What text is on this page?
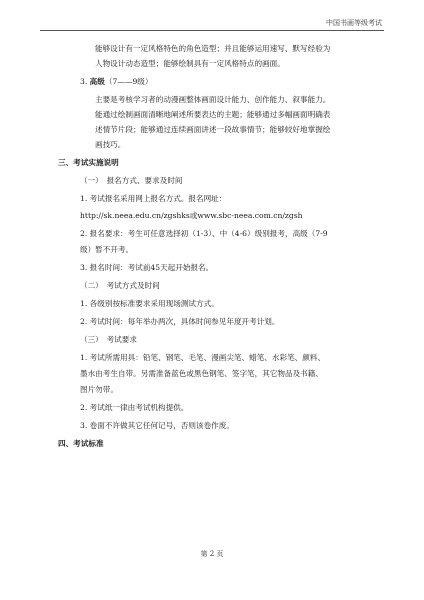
中国书画等级考试
能够设计有一定风格特色的角色造型；并且能够运用速写、默写经验为
人物设计动态造型；能够绘制具有一定风格特点的画面。
3. 高级（7——9级）
主要是考核学习者的动漫画整体画面设计能力、创作能力、叙事能力。
能通过绘制画面清晰地阐述所要表达的主题；能够通过多幅画面明确表
述情节片段；能够通过连续画面讲述一段故事情节；能够较好地掌握绘
画技巧。
三、考试实施说明
（一）　报名方式、要求及时间
1. 考试报名采用网上报名方式。报名网址：
http://sk.neea.edu.cn/zgshks或www.sbc-neea.com.cn/zgsh
2. 报名要求：考生可任意选择初（1-3）、中（4-6）级别报考，高级（7-9
级）暂不开考。
3. 报名时间：考试前45天起开始报名。
（二）　考试方式及时间
1. 各级别按标准要求采用现场测试方式。
2. 考试时间：每年举办两次，具体时间参见年度开考计划。
（三）　考试要求
1. 考试所需用具：铅笔、钢笔、毛笔、漫画尖笔、蜡笔、水彩笔、颜料、
墨水由考生自带。另需准备蓝色或黑色钢笔、签字笔，其它物品及书籍、
图片勿带。
2. 考试纸一律由考试机构提供。
3. 卷面不许做其它任何记号，否则该卷作废。
四、考试标准
第 2 页
